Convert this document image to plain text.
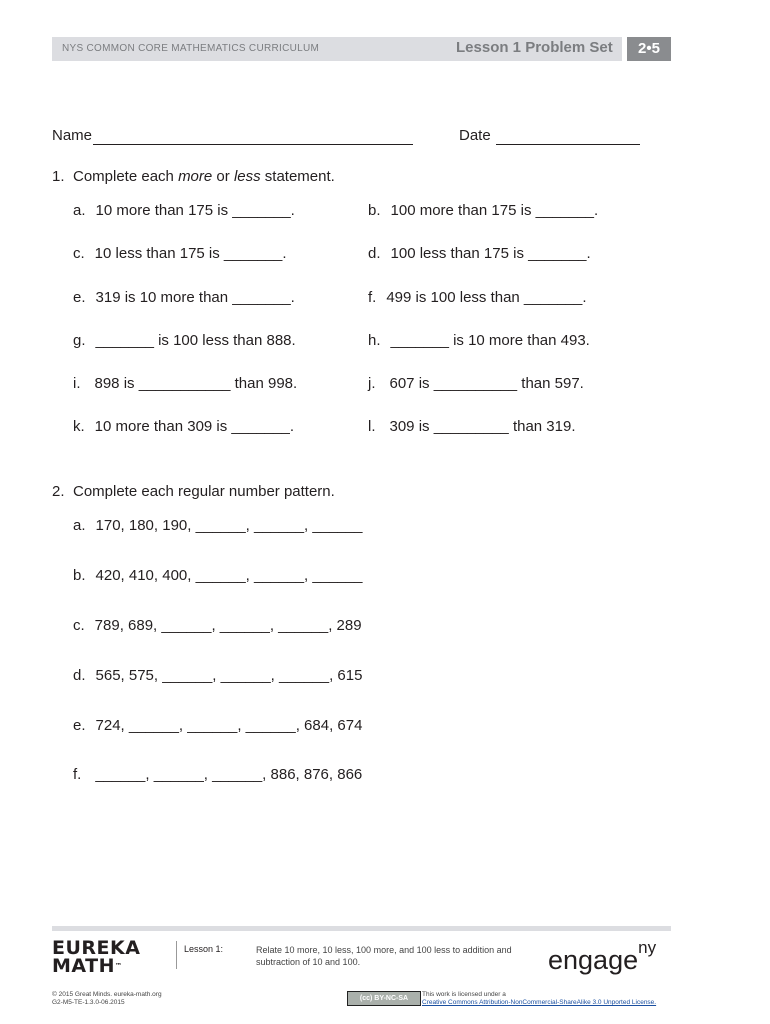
NYS COMMON CORE MATHEMATICS CURRICULUM	Lesson 1 Problem Set	2•5
Name	Date
1. Complete each more or less statement.
a. 10 more than 175 is _______.	b. 100 more than 175 is _______.
c. 10 less than 175 is _______.	d. 100 less than 175 is _______.
e. 319 is 10 more than _______.	f. 499 is 100 less than _______.
g. _______ is 100 less than 888.	h. _______ is 10 more than 493.
i. 898 is ___________ than 998.	j. 607 is __________ than 597.
k. 10 more than 309 is _______.	l. 309 is _________ than 319.
2. Complete each regular number pattern.
a. 170, 180, 190, ______, ______, ______
b. 420, 410, 400, ______, ______, ______
c. 789, 689, ______, ______, ______, 289
d. 565, 575, ______, ______, ______, 615
e. 724, ______, ______, ______, 684, 674
f. ______, ______, ______, 886, 876, 866
EUREKA
MATH™
Lesson 1:	Relate 10 more, 10 less, 100 more, and 100 less to addition and
subtraction of 10 and 100.	engage$^{ny}$
© 2015 Great Minds. eureka-math.org
G2-M5-TE-1.3.0-06.2015
(cc) BY-NC-SA
This work is licensed under a
Creative Commons Attribution-NonCommercial-ShareAlike 3.0 Unported License.
